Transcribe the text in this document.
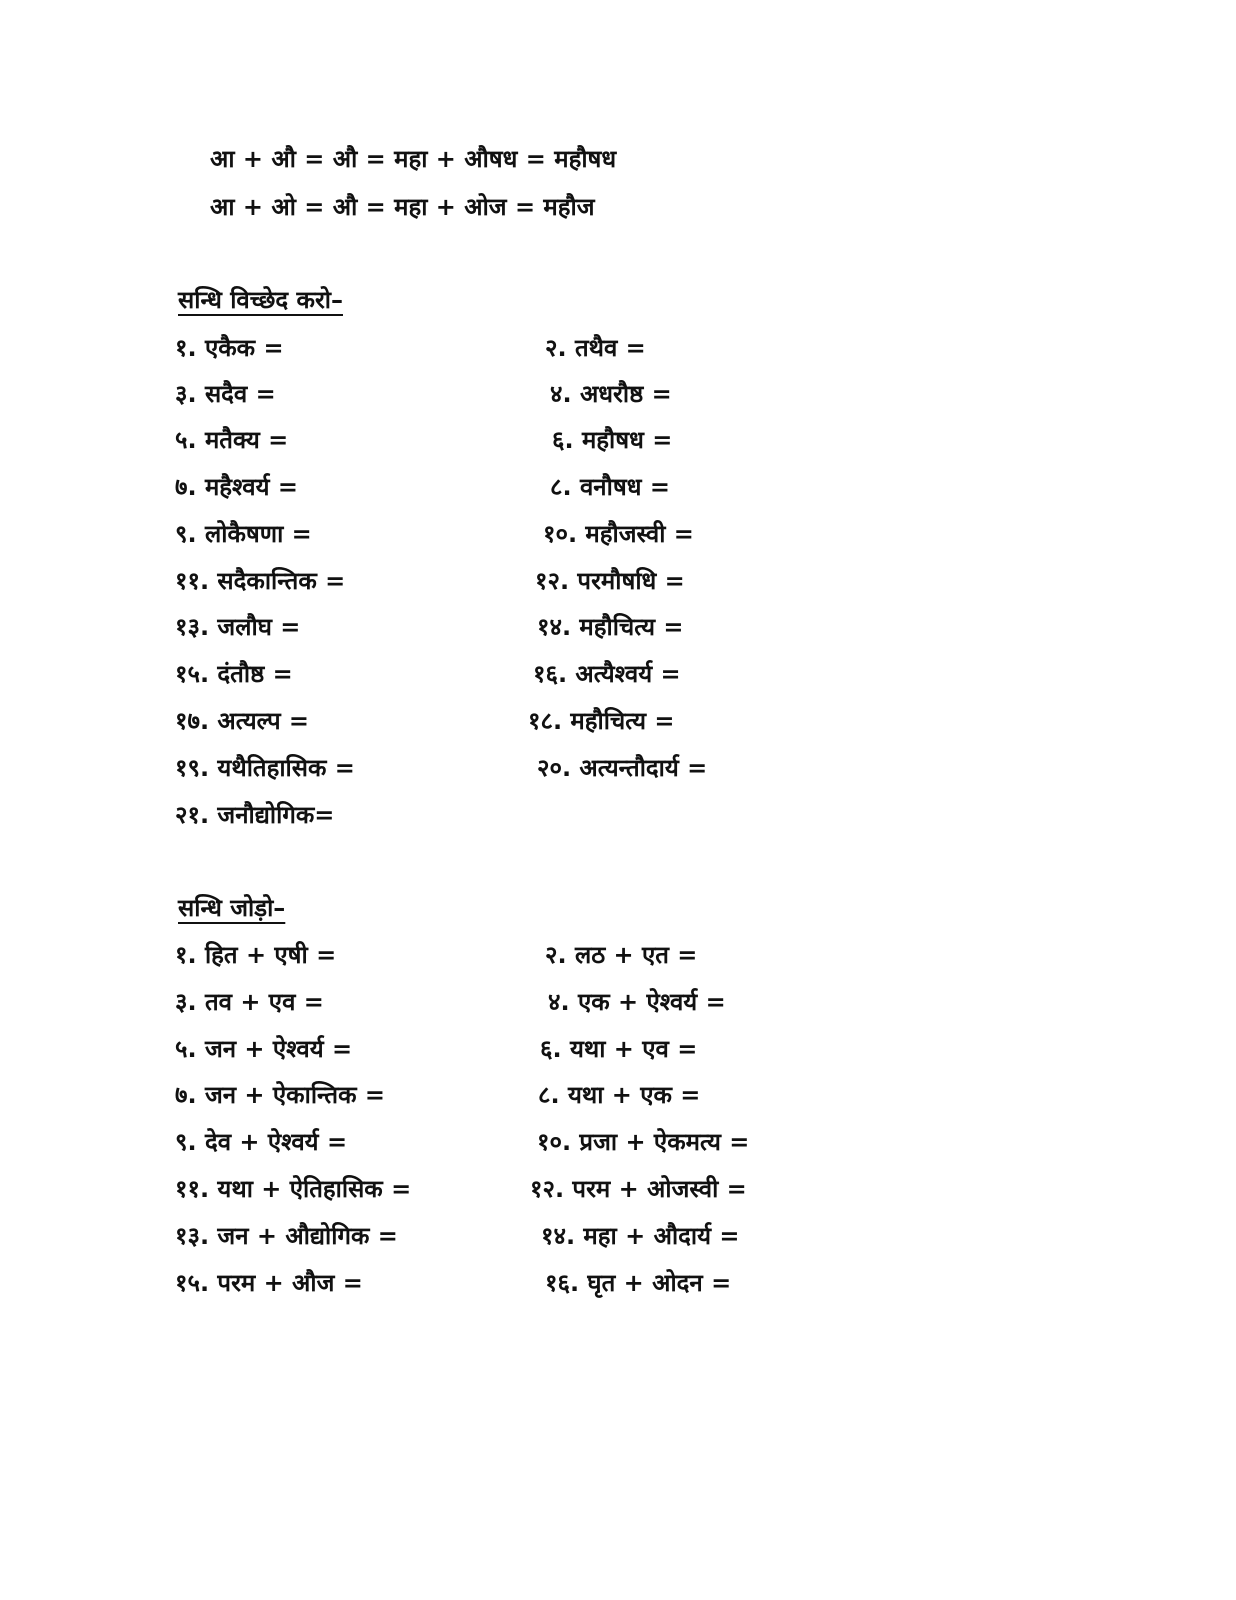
आ + औ = औ = महा + औषध = महौषध
आ + ओ = औ = महा + ओज = महौज
सन्धि विच्छेद करो–
१. एकैक =
३. सदैव =
५. मतैक्य =
७. महैश्वर्य =
९. लोकैषणा =
११. सदैकान्तिक =
१३. जलौघ =
१५. दंतौष्ठ =
१७. अत्यल्प =
१९. यथैतिहासिक =
२१. जनौद्योगिक=
२. तथैव =
४. अधरौष्ठ =
६. महौषध =
८. वनौषध =
१०. महौजस्वी =
१२. परमौषधि =
१४. महौचित्य =
१६. अत्यैश्वर्य =
१८. महौचित्य =
२०. अत्यन्तौदार्य =
सन्धि जोड़ो–
१. हित + एषी =
३. तव + एव =
५. जन + ऐश्वर्य =
७. जन + ऐकान्तिक =
९. देव + ऐश्वर्य =
११. यथा + ऐतिहासिक =
१३. जन + औद्योगिक =
१५. परम + औज =
२. लठ + एत =
४. एक + ऐश्वर्य =
६. यथा + एव =
८. यथा + एक =
१०. प्रजा + ऐकमत्य =
१२. परम + ओजस्वी =
१४. महा + औदार्य =
१६. घृत + ओदन =
